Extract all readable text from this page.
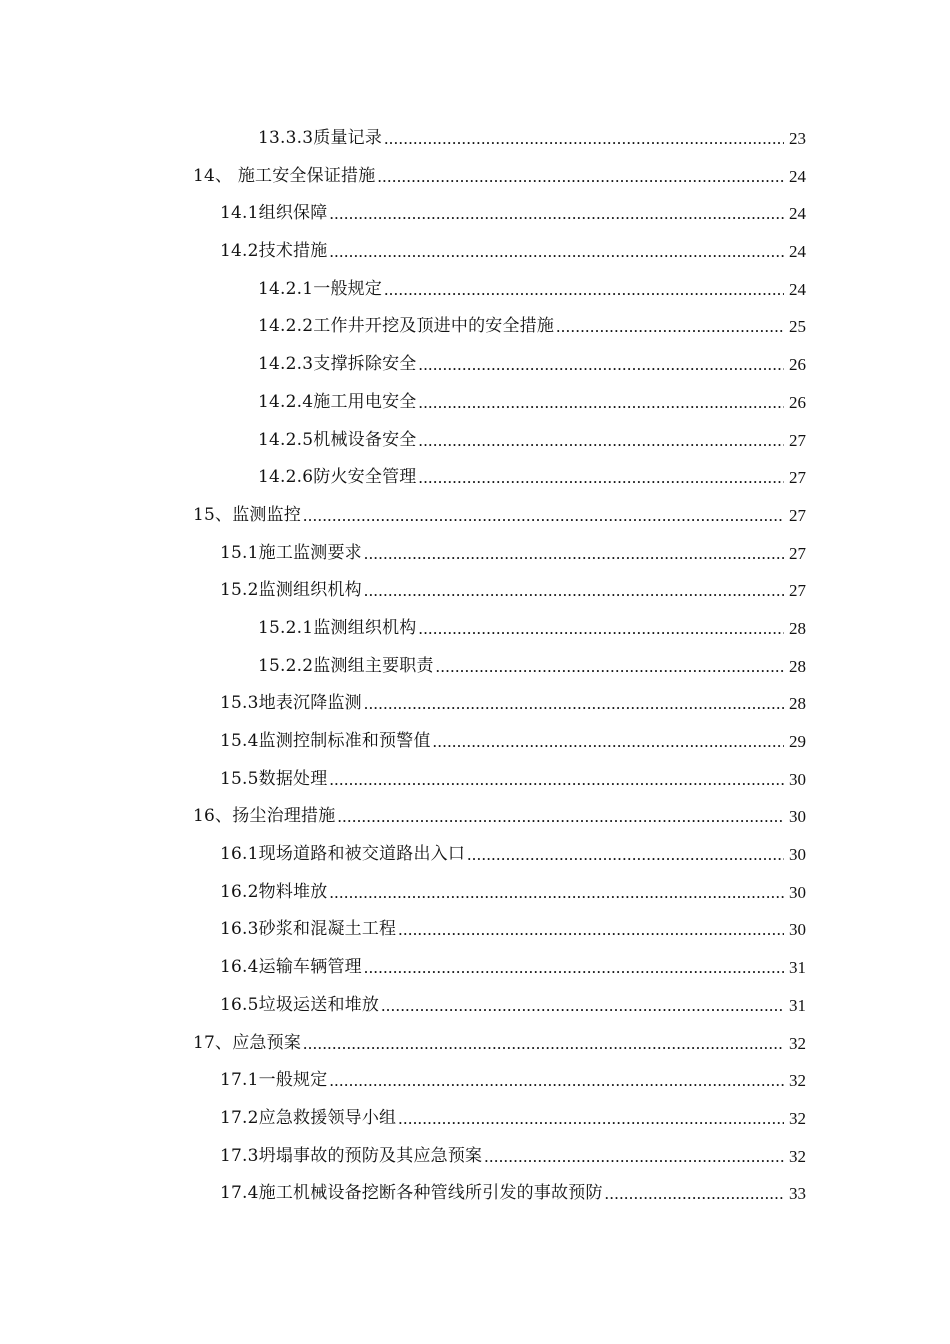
13.3.3质量记录 .....	23
14、 施工安全保证措施 .....	24
14.1组织保障 .....	24
14.2技术措施 .....	24
14.2.1一般规定 .....	24
14.2.2工作井开挖及顶进中的安全措施 .....	25
14.2.3支撑拆除安全 .....	26
14.2.4施工用电安全 .....	26
14.2.5机械设备安全 .....	27
14.2.6防火安全管理 .....	27
15、监测监控 .....	27
15.1施工监测要求 .....	27
15.2监测组织机构 .....	27
15.2.1监测组织机构 .....	28
15.2.2监测组主要职责 .....	28
15.3地表沉降监测 .....	28
15.4监测控制标准和预警值 .....	29
15.5数据处理 .....	30
16、扬尘治理措施 .....	30
16.1现场道路和被交道路出入口 .....	30
16.2物料堆放 .....	30
16.3砂浆和混凝土工程 .....	30
16.4运输车辆管理 .....	31
16.5垃圾运送和堆放 .....	31
17、应急预案 .....	32
17.1一般规定 .....	32
17.2应急救援领导小组 .....	32
17.3坍塌事故的预防及其应急预案 .....	32
17.4施工机械设备挖断各种管线所引发的事故预防 .....	33
